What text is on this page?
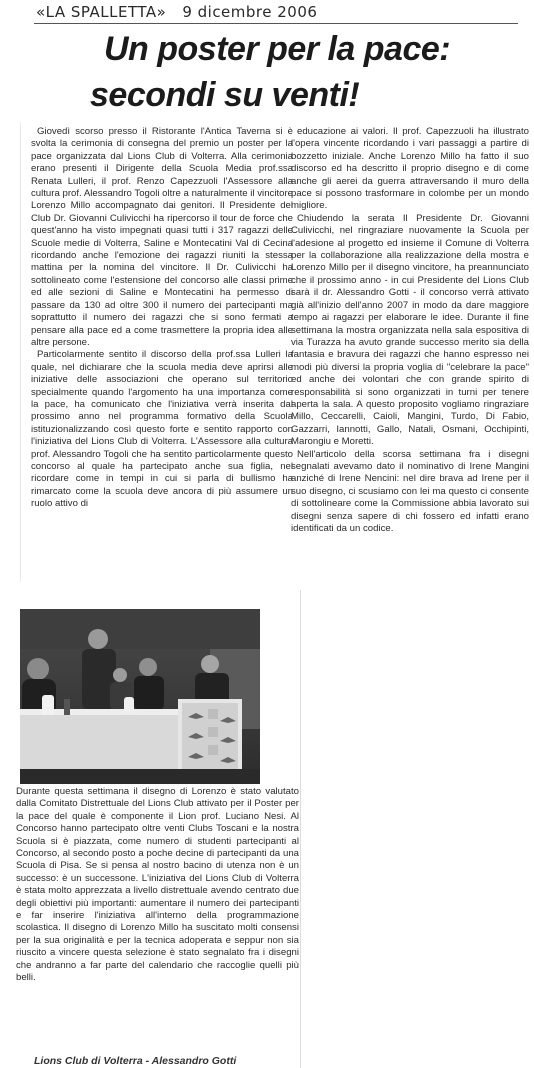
«LA SPALLETTA» 9 dicembre 2006
Un poster per la pace:
secondi su venti!

Giovedì scorso presso il Ristorante l'Antica Taverna si è svolta la cerimonia di consegna del premio un poster per la pace organizzata dal Lions Club di Volterra. Alla cerimonia erano presenti il Dirigente della Scuola Media prof.ssa Renata Lulleri, il prof. Renzo Capezzuoli l'Assessore alla cultura prof. Alessandro Togoli oltre a naturalmente il vincitore Lorenzo Millo accompagnato dai genitori. Il Presidente del Club Dr. Giovanni Culivicchi ha ripercorso il tour de force che quest'anno ha visto impegnati quasi tutti i 317 ragazzi delle Scuole medie di Volterra, Saline e Montecatini Val di Cecina ricordando anche l'emozione dei ragazzi riuniti la stessa mattina per la nomina del vincitore. Il Dr. Culivicchi ha sottolineato come l'estensione del concorso alle classi prime ed alle sezioni di Saline e Montecatini ha permesso di passare da 130 ad oltre 300 il numero dei partecipanti ma soprattutto il numero dei ragazzi che si sono fermati a pensare alla pace ed a come trasmettere la propria idea alle altre persone.

Particolarmente sentito il discorso della prof.ssa Lulleri la quale, nel dichiarare che la scuola media deve aprirsi alle iniziative delle associazioni che operano sul territorio specialmente quando l'argomento ha una importanza come la pace, ha comunicato che l'iniziativa verrà inserita dal prossimo anno nel programma formativo della Scuola istituzionalizzando così questo forte e sentito rapporto con l'iniziativa del Lions Club di Volterra. L'Assessore alla cultura prof. Alessandro Togoli che ha sentito particolarmente questo concorso al quale ha partecipato anche sua figlia, nel ricordare come in tempi in cui si parla di bullismo ha rimarcato come la scuola deve ancora di più assumere un ruolo attivo di

educazione ai valori. Il prof. Capezzuoli ha illustrato l'opera vincente ricordando i vari passaggi a partire di bozzetto iniziale. Anche Lorenzo Millo ha fatto il suo discorso ed ha descritto il proprio disegno e di come anche gli aerei da guerra attraversando il muro della pace si possono trasformare in colombe per un mondo migliore.

Chiudendo la serata Il Presidente Dr. Giovanni Culivicchi, nel ringraziare nuovamente la Scuola per l'adesione al progetto ed insieme il Comune di Volterra per la collaborazione alla realizzazione della mostra e Lorenzo Millo per il disegno vincitore, ha preannunciato che il prossimo anno - in cui Presidente del Lions Club sarà il dr. Alessandro Gotti - il concorso verrà attivato già all'inizio dell'anno 2007 in modo da dare maggiore tempo ai ragazzi per elaborare le idee. Durante il fine settimana la mostra organizzata nella sala espositiva di via Turazza ha avuto grande successo merito sia della fantasia e bravura dei ragazzi che hanno espresso nei modi più diversi la propria voglia di "celebrare la pace" ed anche dei volontari che con grande spirito di responsabilità si sono organizzati in turni per tenere aperta la sala. A questo proposito vogliamo ringraziare Millo, Ceccarelli, Caioli, Mangini, Turdo, Di Fabio, Gazzarri, Iannotti, Gallo, Natali, Osmani, Occhipinti, Marongiu e Moretti.

Nell'articolo della scorsa settimana fra i disegni segnalati avevamo dato il nominativo di Irene Mangini anziché di Irene Nencini: nel dire brava ad Irene per il suo disegno, ci scusiamo con lei ma questo ci consente di sottolineare come la Commissione abbia lavorato sui disegni senza sapere di chi fossero ed infatti erano identificati da un codice.

Durante questa settimana il disegno di Lorenzo è stato valutato dalla Comitato Distrettuale del Lions Club attivato per il Poster per la pace del quale è componente il Lion prof. Luciano Nesi. Al Concorso hanno partecipato oltre venti Clubs Toscani e la nostra Scuola si è piazzata, come numero di studenti partecipanti al Concorso, al secondo posto a poche decine di partecipanti da una Scuola di Pisa. Se si pensa al nostro bacino di utenza non è un successo: è un successone. L'iniziativa del Lions Club di Volterra è stata molto apprezzata a livello distrettuale avendo centrato due degli obiettivi più importanti: aumentare il numero dei partecipanti e far inserire l'iniziativa all'interno della programmazione scolastica. Il disegno di Lorenzo Millo ha suscitato molti consensi per la sua originalità e per la tecnica adoperata e seppur non sia riuscito a vincere questa selezione è stato segnalato fra i disegni che andranno a far parte del calendario che raccoglie quelli più belli.

Lions Club di Volterra - Alessandro Gotti
